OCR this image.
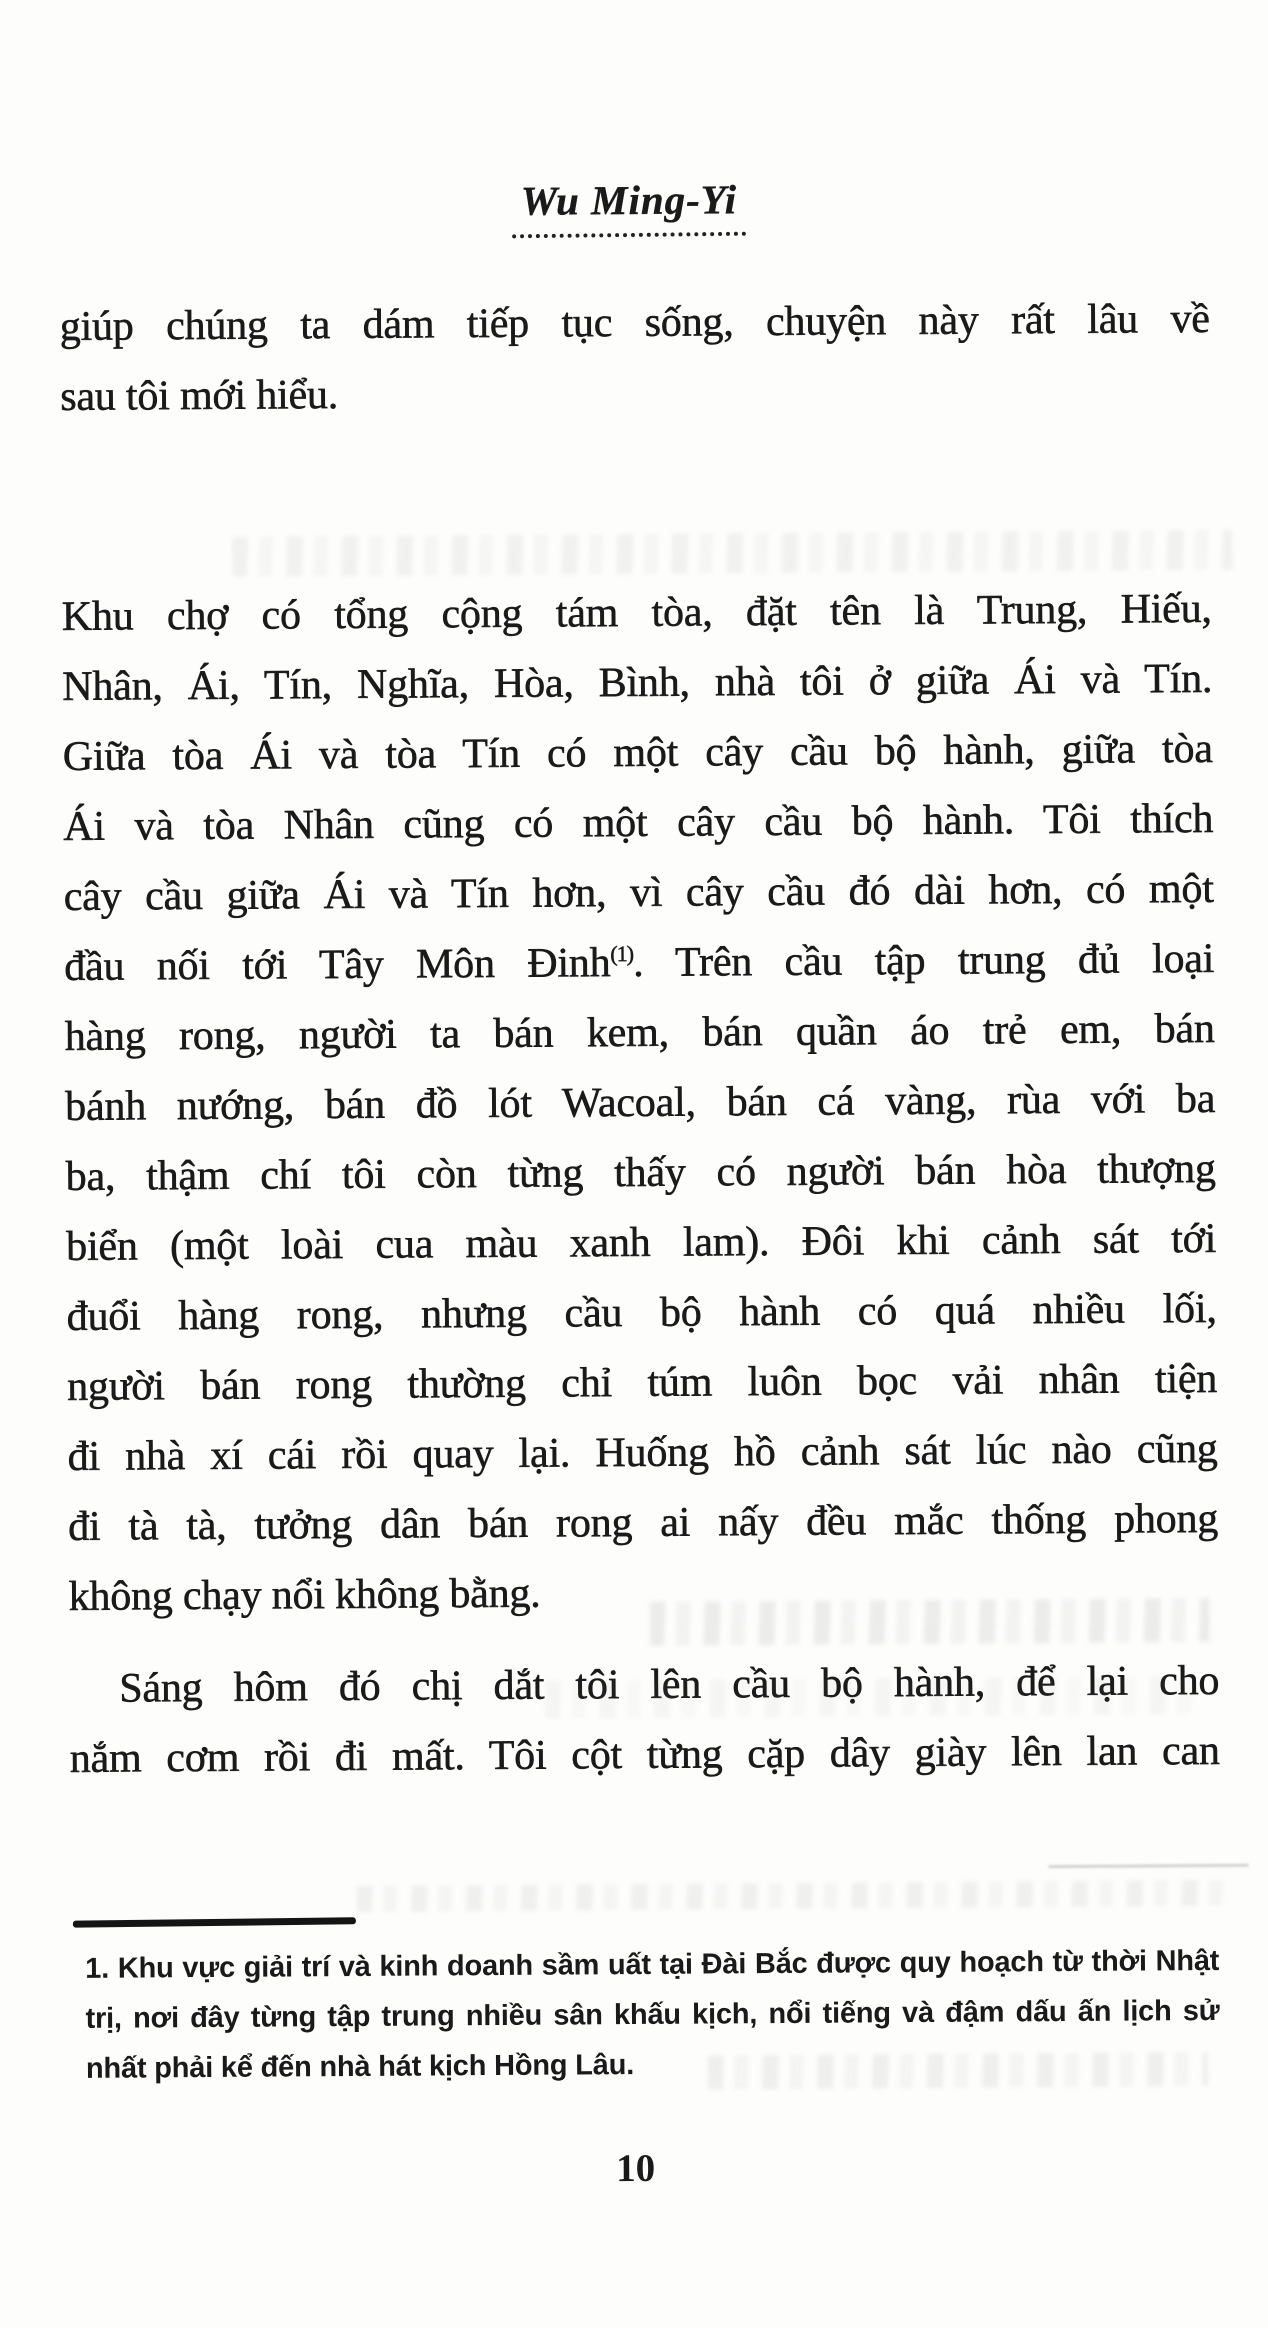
Wu Ming-Yi
giúp chúng ta dám tiếp tục sống, chuyện này rất lâu về
sau tôi mới hiểu.
Khu chợ có tổng cộng tám tòa, đặt tên là Trung, Hiếu,
Nhân, Ái, Tín, Nghĩa, Hòa, Bình, nhà tôi ở giữa Ái và Tín.
Giữa tòa Ái và tòa Tín có một cây cầu bộ hành, giữa tòa
Ái và tòa Nhân cũng có một cây cầu bộ hành. Tôi thích
cây cầu giữa Ái và Tín hơn, vì cây cầu đó dài hơn, có một
đầu nối tới Tây Môn Đinh$^{(1)}$. Trên cầu tập trung đủ loại
hàng rong, người ta bán kem, bán quần áo trẻ em, bán
bánh nướng, bán đồ lót Wacoal, bán cá vàng, rùa với ba
ba, thậm chí tôi còn từng thấy có người bán hòa thượng
biển (một loài cua màu xanh lam). Đôi khi cảnh sát tới
đuổi hàng rong, nhưng cầu bộ hành có quá nhiều lối,
người bán rong thường chỉ túm luôn bọc vải nhân tiện
đi nhà xí cái rồi quay lại. Huống hồ cảnh sát lúc nào cũng
đi tà tà, tưởng dân bán rong ai nấy đều mắc thống phong
không chạy nổi không bằng.
Sáng hôm đó chị dắt tôi lên cầu bộ hành, để lại cho
nắm cơm rồi đi mất. Tôi cột từng cặp dây giày lên lan can
1. Khu vực giải trí và kinh doanh sầm uất tại Đài Bắc được quy hoạch từ thời Nhật
trị, nơi đây từng tập trung nhiều sân khấu kịch, nổi tiếng và đậm dấu ấn lịch sử
nhất phải kể đến nhà hát kịch Hồng Lâu.
10
